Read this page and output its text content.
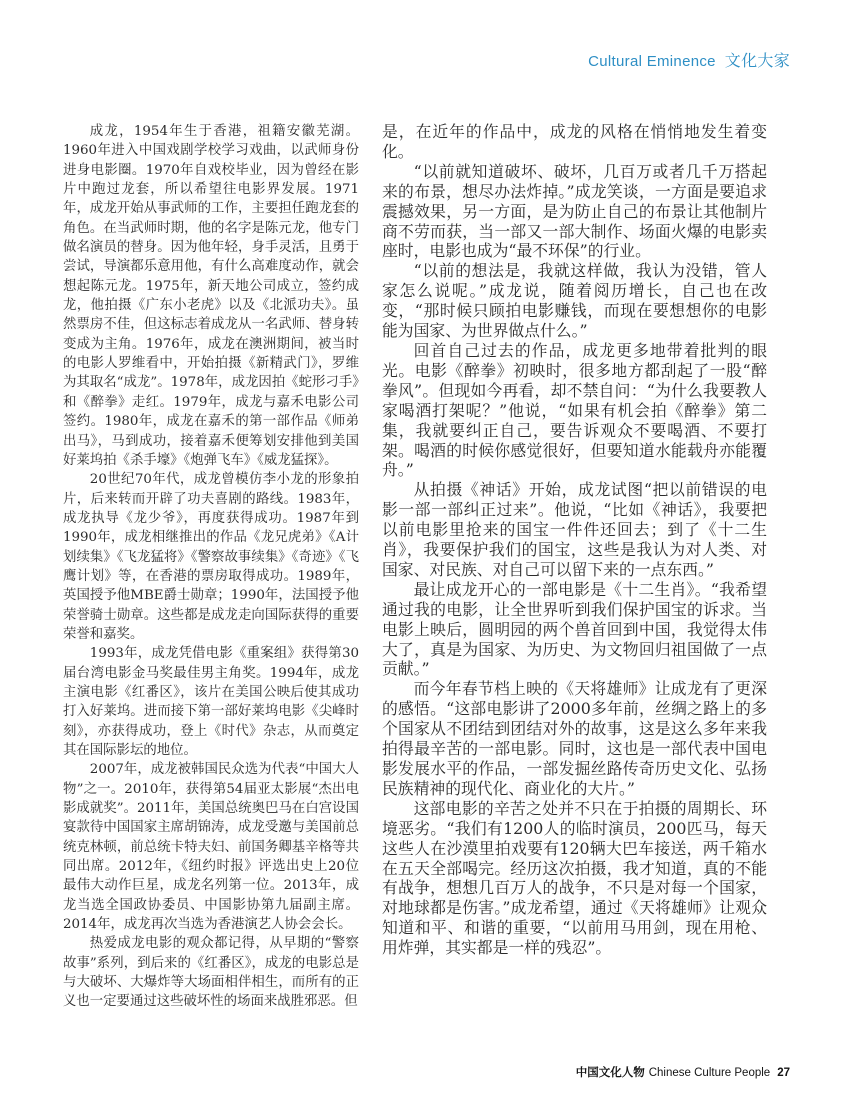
Cultural Eminence 文化大家

成龙，1954年生于香港，祖籍安徽芜湖。1960年进入中国戏剧学校学习戏曲，以武师身份进身电影圈。1970年自戏校毕业，因为曾经在影片中跑过龙套，所以希望往电影界发展。1971年，成龙开始从事武师的工作，主要担任跑龙套的角色。在当武师时期，他的名字是陈元龙，他专门做名演员的替身。因为他年轻，身手灵活，且勇于尝试，导演都乐意用他，有什么高难度动作，就会想起陈元龙。1975年，新天地公司成立，签约成龙，他拍摄《广东小老虎》以及《北派功夫》。虽然票房不佳，但这标志着成龙从一名武师、替身转变成为主角。1976年，成龙在澳洲期间，被当时的电影人罗维看中，开始拍摄《新精武门》，罗维为其取名“成龙”。1978年，成龙因拍《蛇形刁手》和《醉拳》走红。1979年，成龙与嘉禾电影公司签约。1980年，成龙在嘉禾的第一部作品《师弟出马》，马到成功，接着嘉禾便筹划安排他到美国好莱坞拍《杀手壕》《炮弹飞车》《威龙猛探》。

20世纪70年代，成龙曾模仿李小龙的形象拍片，后来转而开辟了功夫喜剧的路线。1983年，成龙执导《龙少爷》，再度获得成功。1987年到1990年，成龙相继推出的作品《龙兄虎弟》《A计划续集》《飞龙猛将》《警察故事续集》《奇迹》《飞鹰计划》等，在香港的票房取得成功。1989年，英国授予他MBE爵士勋章；1990年，法国授予他荣誉骑士勋章。这些都是成龙走向国际获得的重要荣誉和嘉奖。

1993年，成龙凭借电影《重案组》获得第30届台湾电影金马奖最佳男主角奖。1994年，成龙主演电影《红番区》，该片在美国公映后使其成功打入好莱坞。进而接下第一部好莱坞电影《尖峰时刻》，亦获得成功，登上《时代》杂志，从而奠定其在国际影坛的地位。

2007年，成龙被韩国民众选为代表“中国大人物”之一。2010年，获得第54届亚太影展“杰出电影成就奖”。2011年，美国总统奥巴马在白宫设国宴款待中国国家主席胡锦涛，成龙受邀与美国前总统克林顿，前总统卡特夫妇、前国务卿基辛格等共同出席。2012年，《纽约时报》评选出史上20位最伟大动作巨星，成龙名列第一位。2013年，成龙当选全国政协委员、中国影协第九届副主席。2014年，成龙再次当选为香港演艺人协会会长。

热爱成龙电影的观众都记得，从早期的“警察故事”系列，到后来的《红番区》，成龙的电影总是与大破坏、大爆炸等大场面相伴相生，而所有的正义也一定要通过这些破坏性的场面来战胜邪恶。但

是，在近年的作品中，成龙的风格在悄悄地发生着变化。

“以前就知道破坏、破坏，几百万或者几千万搭起来的布景，想尽办法炸掉。”成龙笑谈，一方面是要追求震撼效果，另一方面，是为防止自己的布景让其他制片商不劳而获，当一部又一部大制作、场面火爆的电影卖座时，电影也成为“最不环保”的行业。

“以前的想法是，我就这样做，我认为没错，管人家怎么说呢。”成龙说，随着阅历增长，自己也在改变，“那时候只顾拍电影赚钱，而现在要想想你的电影能为国家、为世界做点什么。”

回首自己过去的作品，成龙更多地带着批判的眼光。电影《醉拳》初映时，很多地方都刮起了一股“醉拳风”。但现如今再看，却不禁自问：“为什么我要教人家喝酒打架呢？”他说，“如果有机会拍《醉拳》第二集，我就要纠正自己，要告诉观众不要喝酒、不要打架。喝酒的时候你感觉很好，但要知道水能载舟亦能覆舟。”

从拍摄《神话》开始，成龙试图“把以前错误的电影一部一部纠正过来”。他说，“比如《神话》，我要把以前电影里抢来的国宝一件件还回去；到了《十二生肖》，我要保护我们的国宝，这些是我认为对人类、对国家、对民族、对自己可以留下来的一点东西。”

最让成龙开心的一部电影是《十二生肖》。“我希望通过我的电影，让全世界听到我们保护国宝的诉求。当电影上映后，圆明园的两个兽首回到中国，我觉得太伟大了，真是为国家、为历史、为文物回归祖国做了一点贡献。”

而今年春节档上映的《天将雄师》让成龙有了更深的感悟。“这部电影讲了2000多年前，丝绸之路上的多个国家从不团结到团结对外的故事，这是这么多年来我拍得最辛苦的一部电影。同时，这也是一部代表中国电影发展水平的作品，一部发掘丝路传奇历史文化、弘扬民族精神的现代化、商业化的大片。”

这部电影的辛苦之处并不只在于拍摄的周期长、环境恶劣。“我们有1200人的临时演员，200匹马，每天这些人在沙漠里拍戏要有120辆大巴车接送，两千箱水在五天全部喝完。经历这次拍摄，我才知道，真的不能有战争，想想几百万人的战争，不只是对每一个国家，对地球都是伤害。”成龙希望，通过《天将雄师》让观众知道和平、和谐的重要，“以前用马用剑，现在用枪、用炸弹，其实都是一样的残忍”。

中国文化人物 Chinese Culture People 27
